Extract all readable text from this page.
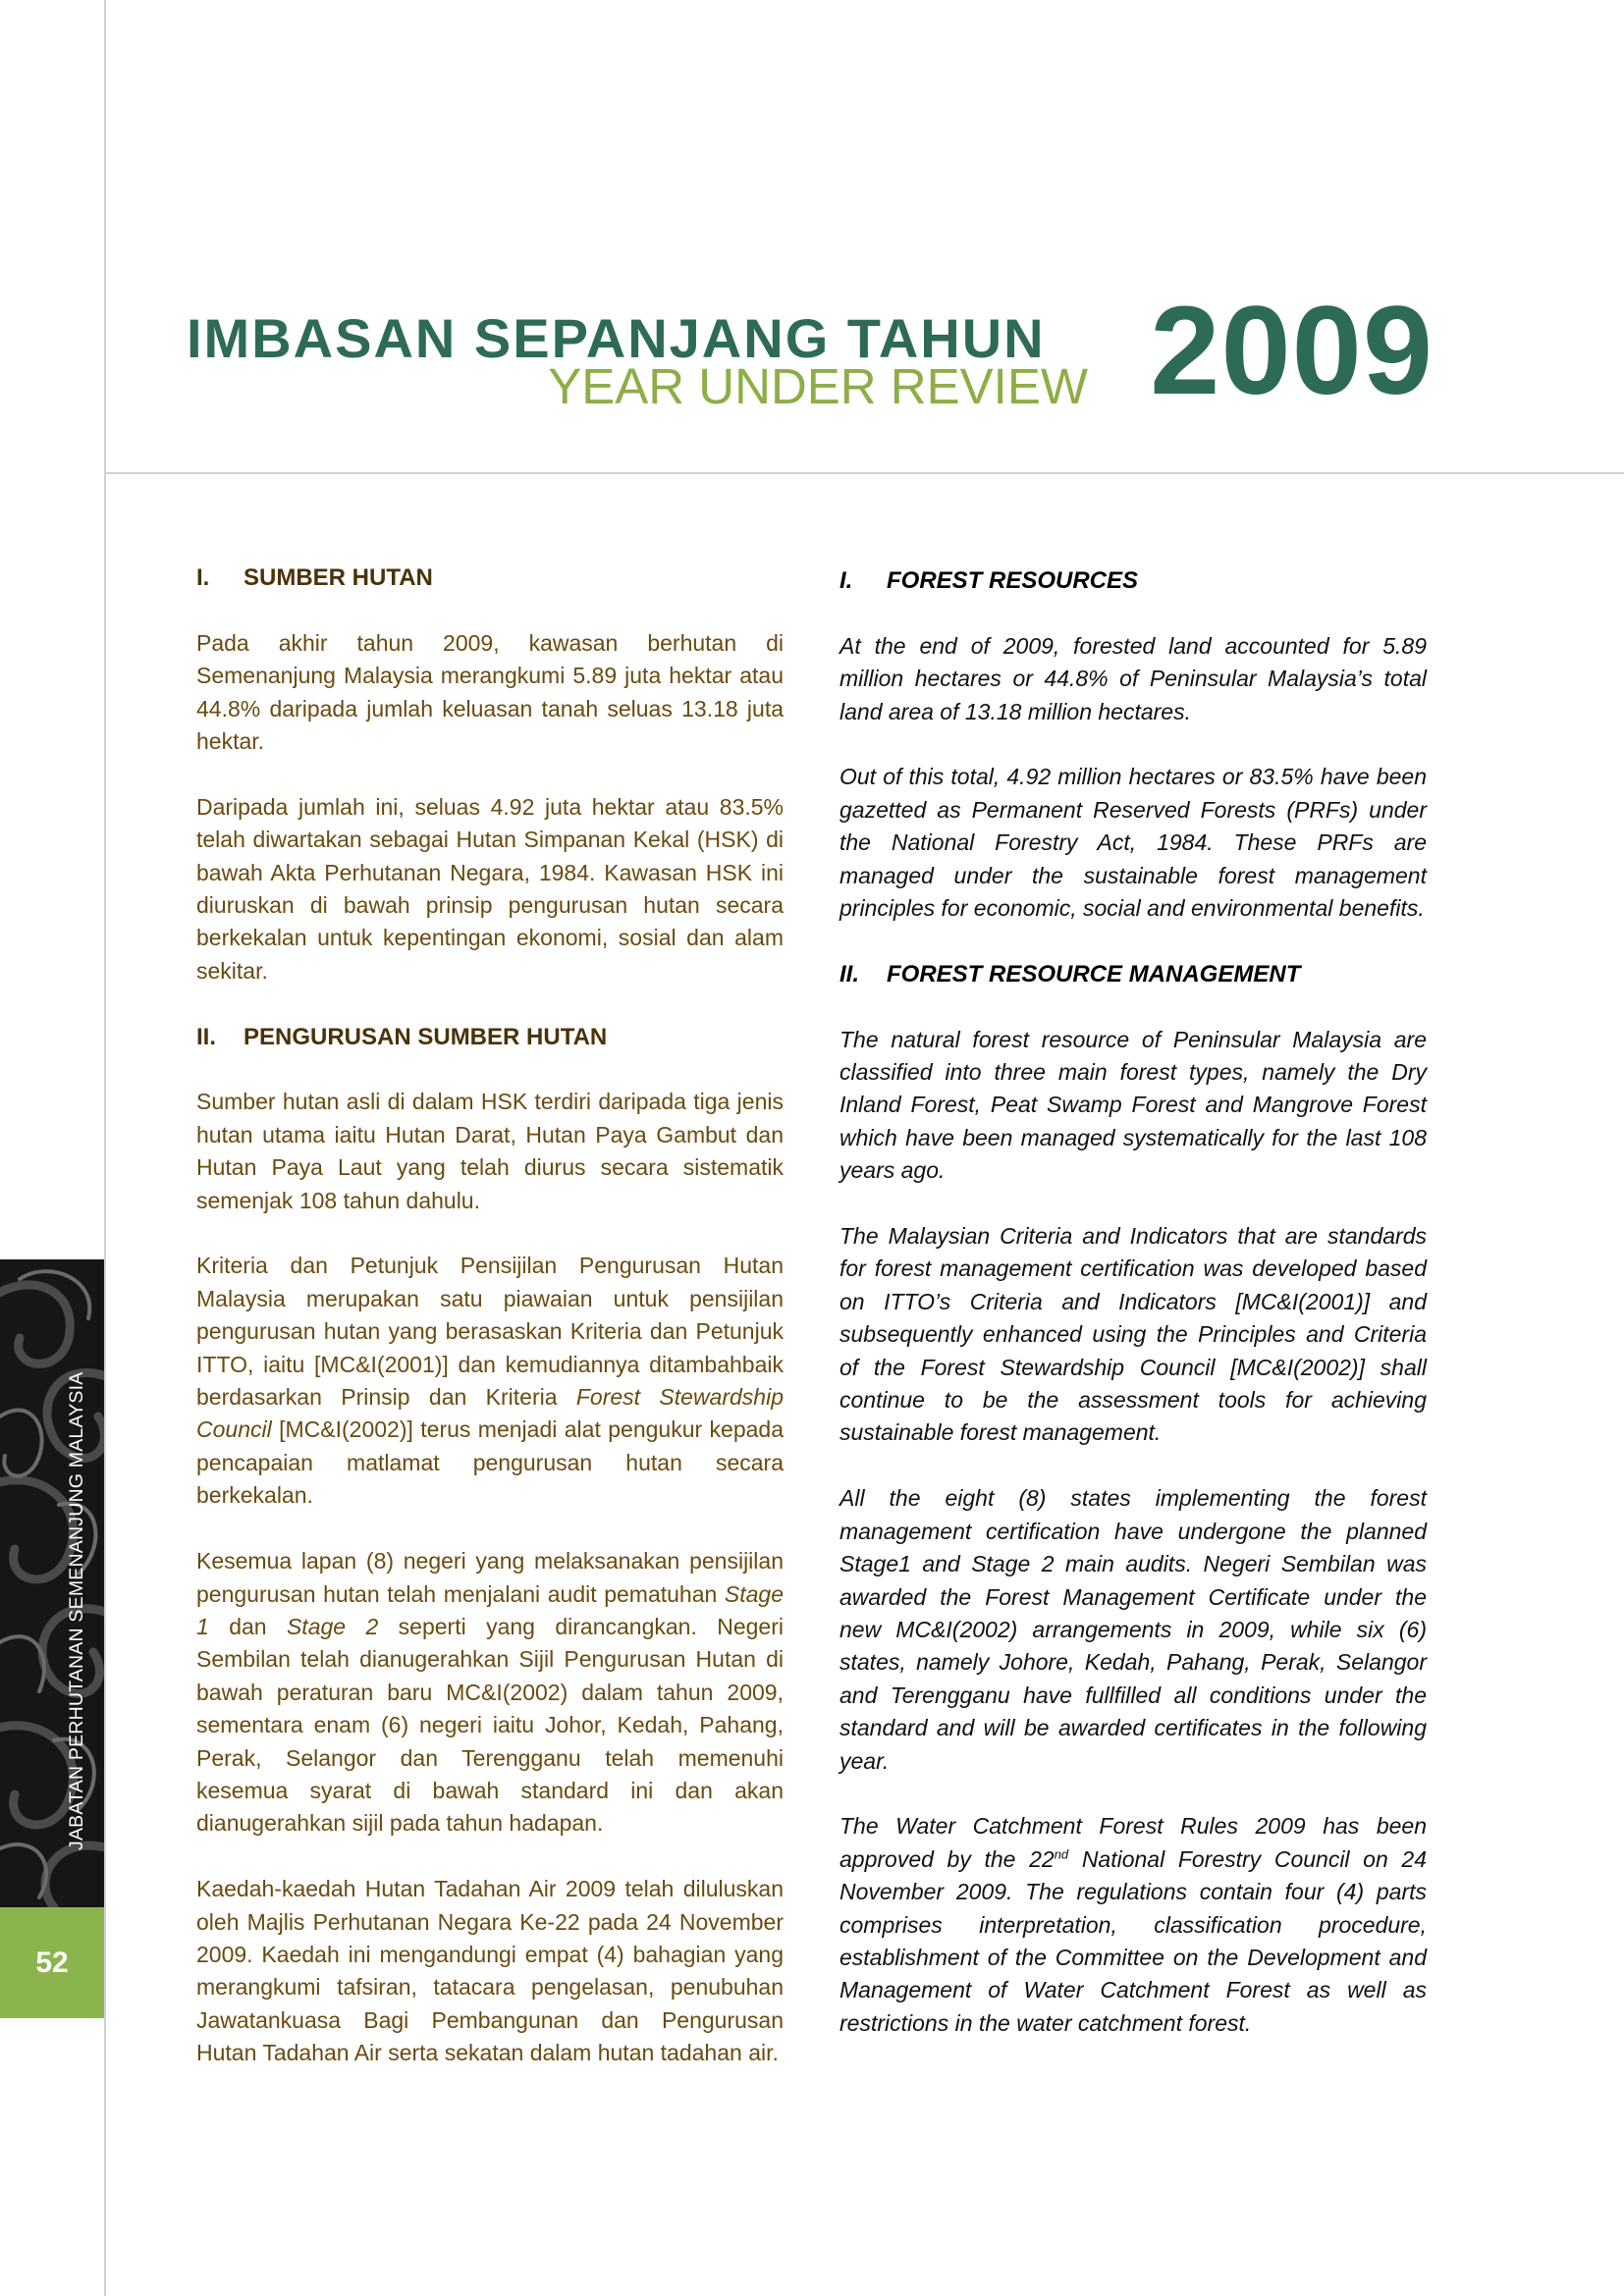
IMBASAN SEPANJANG TAHUN
YEAR UNDER REVIEW 2009
JABATAN PERHUTANAN SEMENANJUNG MALAYSIA
52
I. SUMBER HUTAN

Pada akhir tahun 2009, kawasan berhutan di Semenanjung Malaysia merangkumi 5.89 juta hektar atau 44.8% daripada jumlah keluasan tanah seluas 13.18 juta hektar.

Daripada jumlah ini, seluas 4.92 juta hektar atau 83.5% telah diwartakan sebagai Hutan Simpanan Kekal (HSK) di bawah Akta Perhutanan Negara, 1984. Kawasan HSK ini diuruskan di bawah prinsip pengurusan hutan secara berkekalan untuk kepentingan ekonomi, sosial dan alam sekitar.

II. PENGURUSAN SUMBER HUTAN

Sumber hutan asli di dalam HSK terdiri daripada tiga jenis hutan utama iaitu Hutan Darat, Hutan Paya Gambut dan Hutan Paya Laut yang telah diurus secara sistematik semenjak 108 tahun dahulu.

Kriteria dan Petunjuk Pensijilan Pengurusan Hutan Malaysia merupakan satu piawaian untuk pensijilan pengurusan hutan yang berasaskan Kriteria dan Petunjuk ITTO, iaitu [MC&I(2001)] dan kemudiannya ditambahbaik berdasarkan Prinsip dan Kriteria Forest Stewardship Council [MC&I(2002)] terus menjadi alat pengukur kepada pencapaian matlamat pengurusan hutan secara berkekalan.

Kesemua lapan (8) negeri yang melaksanakan pensijilan pengurusan hutan telah menjalani audit pematuhan Stage 1 dan Stage 2 seperti yang dirancangkan. Negeri Sembilan telah dianugerahkan Sijil Pengurusan Hutan di bawah peraturan baru MC&I(2002) dalam tahun 2009, sementara enam (6) negeri iaitu Johor, Kedah, Pahang, Perak, Selangor dan Terengganu telah memenuhi kesemua syarat di bawah standard ini dan akan dianugerahkan sijil pada tahun hadapan.

Kaedah-kaedah Hutan Tadahan Air 2009 telah diluluskan oleh Majlis Perhutanan Negara Ke-22 pada 24 November 2009. Kaedah ini mengandungi empat (4) bahagian yang merangkumi tafsiran, tatacara pengelasan, penubuhan Jawatankuasa Bagi Pembangunan dan Pengurusan Hutan Tadahan Air serta sekatan dalam hutan tadahan air.

I. FOREST RESOURCES

At the end of 2009, forested land accounted for 5.89 million hectares or 44.8% of Peninsular Malaysia’s total land area of 13.18 million hectares.

Out of this total, 4.92 million hectares or 83.5% have been gazetted as Permanent Reserved Forests (PRFs) under the National Forestry Act, 1984. These PRFs are managed under the sustainable forest management principles for economic, social and environmental benefits.

II. FOREST RESOURCE MANAGEMENT

The natural forest resource of Peninsular Malaysia are classified into three main forest types, namely the Dry Inland Forest, Peat Swamp Forest and Mangrove Forest which have been managed systematically for the last 108 years ago.

The Malaysian Criteria and Indicators that are standards for forest management certification was developed based on ITTO’s Criteria and Indicators [MC&I(2001)] and subsequently enhanced using the Principles and Criteria of the Forest Stewardship Council [MC&I(2002)] shall continue to be the assessment tools for achieving sustainable forest management.

All the eight (8) states implementing the forest management certification have undergone the planned Stage1 and Stage 2 main audits. Negeri Sembilan was awarded the Forest Management Certificate under the new MC&I(2002) arrangements in 2009, while six (6) states, namely Johore, Kedah, Pahang, Perak, Selangor and Terengganu have fullfilled all conditions under the standard and will be awarded certificates in the following year.

The Water Catchment Forest Rules 2009 has been approved by the 22nd National Forestry Council on 24 November 2009. The regulations contain four (4) parts comprises interpretation, classification procedure, establishment of the Committee on the Development and Management of Water Catchment Forest as well as restrictions in the water catchment forest.
